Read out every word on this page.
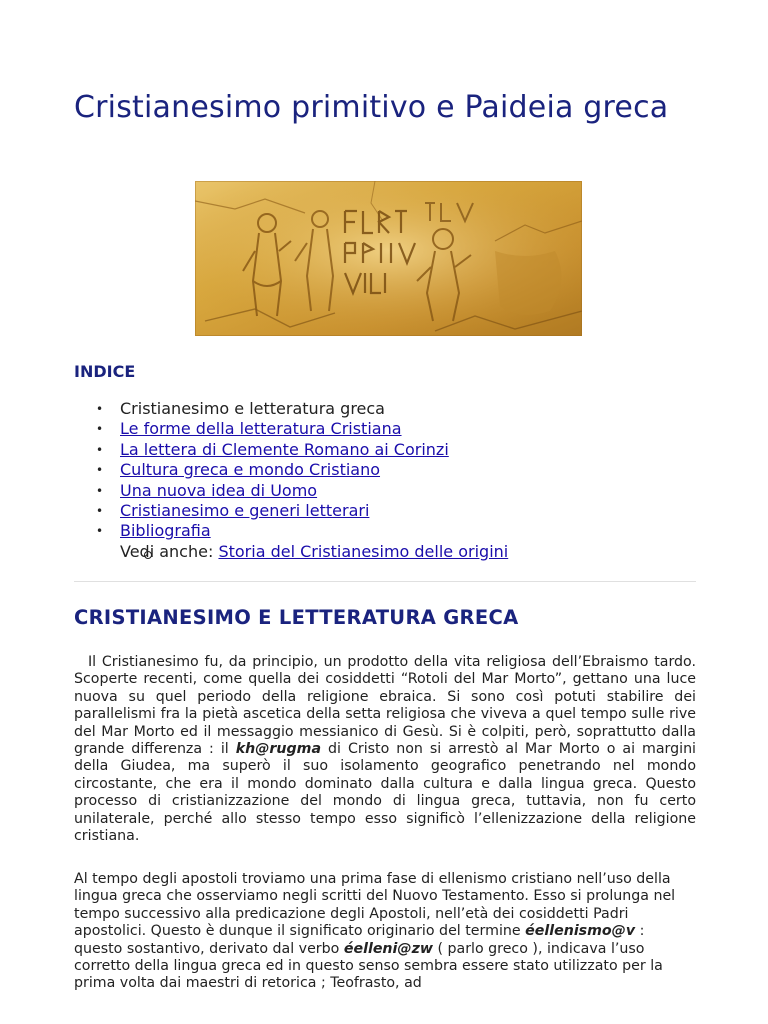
Cristianesimo primitivo e Paideia greca
INDICE
• Cristianesimo e letteratura greca
• Le forme della letteratura Cristiana
• La lettera di Clemente Romano ai Corinzi
• Cultura greca e mondo Cristiano
• Una nuova idea di Uomo
• Cristianesimo e generi letterari
• Bibliografia
Vedi anche: Storia del Cristianesimo delle origini
CRISTIANESIMO E LETTERATURA GRECA

Il Cristianesimo fu, da principio, un prodotto della vita religiosa dell’Ebraismo tardo. Scoperte recenti, come quella dei cosiddetti “Rotoli del Mar Morto”, gettano una luce nuova su quel periodo della religione ebraica. Si sono così potuti stabilire dei parallelismi fra la pietà ascetica della setta religiosa che viveva a quel tempo sulle rive del Mar Morto ed il messaggio messianico di Gesù. Si è colpiti, però, soprattutto dalla grande differenza : il kh@rugma di Cristo non si arrestò al Mar Morto o ai margini della Giudea, ma superò il suo isolamento geografico penetrando nel mondo circostante, che era il mondo dominato dalla cultura e dalla lingua greca. Questo processo di cristianizzazione del mondo di lingua greca, tuttavia, non fu certo unilaterale, perché allo stesso tempo esso significò l’ellenizzazione della religione cristiana.

Al tempo degli apostoli troviamo una prima fase di ellenismo cristiano nell’uso della lingua greca che osserviamo negli scritti del Nuovo Testamento. Esso si prolunga nel tempo successivo alla predicazione degli Apostoli, nell’età dei cosiddetti Padri apostolici. Questo è dunque il significato originario del termine éellenismo@v : questo sostantivo, derivato dal verbo éelleni@zw ( parlo greco ), indicava l’uso corretto della lingua greca ed in questo senso sembra essere stato utilizzato per la prima volta dai maestri di retorica ; Teofrasto, ad
